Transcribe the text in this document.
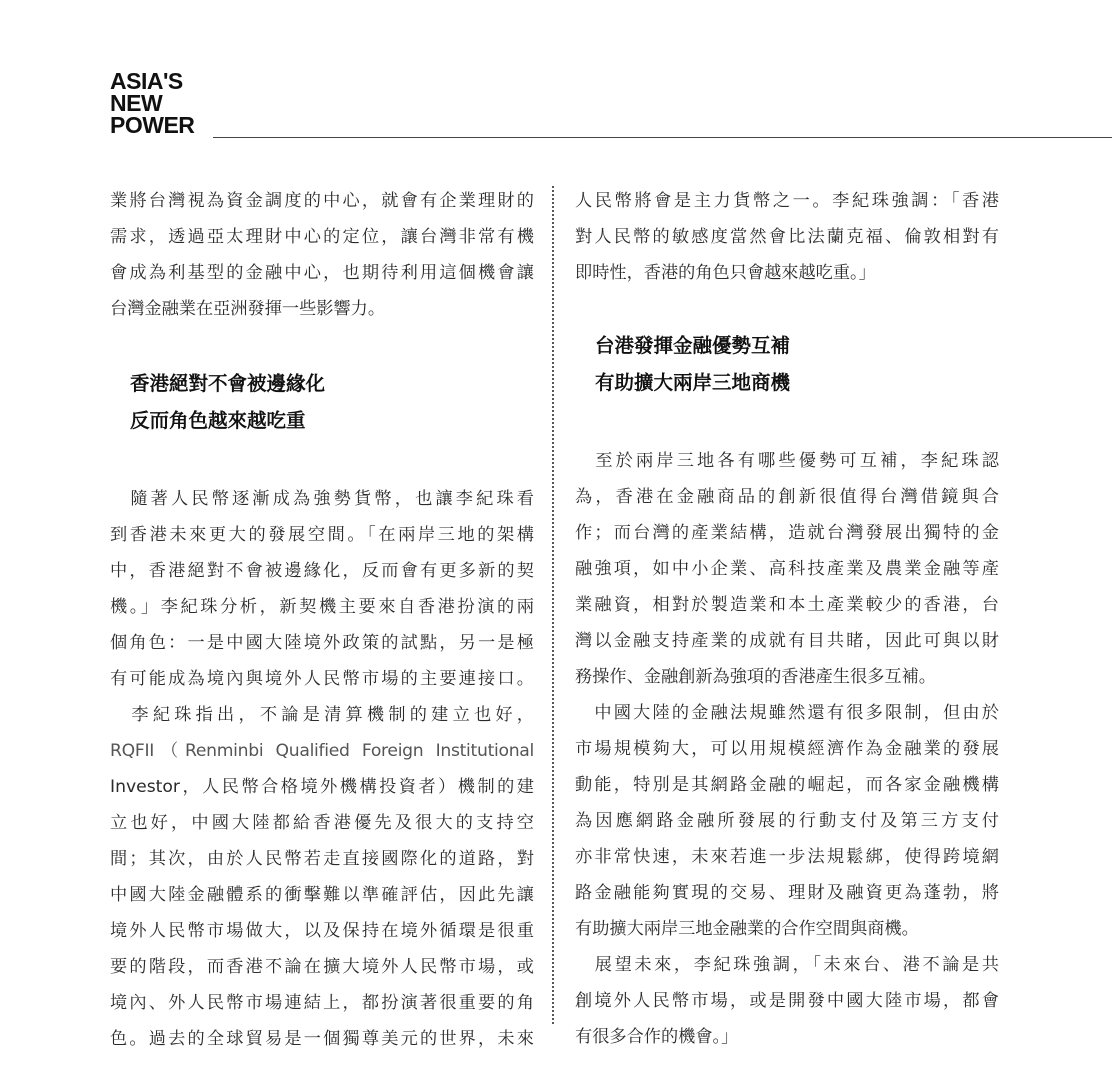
ASIA'S
NEW
POWER
業將台灣視為資金調度的中心，就會有企業理財的
需求，透過亞太理財中心的定位，讓台灣非常有機
會成為利基型的金融中心，也期待利用這個機會讓
台灣金融業在亞洲發揮一些影響力。
香港絕對不會被邊緣化
反而角色越來越吃重
　隨著人民幣逐漸成為強勢貨幣，也讓李紀珠看
到香港未來更大的發展空間。「在兩岸三地的架構
中，香港絕對不會被邊緣化，反而會有更多新的契
機。」李紀珠分析，新契機主要來自香港扮演的兩
個角色：一是中國大陸境外政策的試點，另一是極
有可能成為境內與境外人民幣市場的主要連接口。
　李紀珠指出，不論是清算機制的建立也好，
RQFII（Renminbi Qualified Foreign Institutional
Investor，人民幣合格境外機構投資者）機制的建
立也好，中國大陸都給香港優先及很大的支持空
間；其次，由於人民幣若走直接國際化的道路，對
中國大陸金融體系的衝擊難以準確評估，因此先讓
境外人民幣市場做大，以及保持在境外循環是很重
要的階段，而香港不論在擴大境外人民幣市場，或
境內、外人民幣市場連結上，都扮演著很重要的角
色。過去的全球貿易是一個獨尊美元的世界，未來
人民幣將會是主力貨幣之一。李紀珠強調：「香港
對人民幣的敏感度當然會比法蘭克福、倫敦相對有
即時性，香港的角色只會越來越吃重。」
台港發揮金融優勢互補
有助擴大兩岸三地商機
　至於兩岸三地各有哪些優勢可互補，李紀珠認
為，香港在金融商品的創新很值得台灣借鏡與合
作；而台灣的產業結構，造就台灣發展出獨特的金
融強項，如中小企業、高科技產業及農業金融等產
業融資，相對於製造業和本土產業較少的香港，台
灣以金融支持產業的成就有目共睹，因此可與以財
務操作、金融創新為強項的香港產生很多互補。
　中國大陸的金融法規雖然還有很多限制，但由於
市場規模夠大，可以用規模經濟作為金融業的發展
動能，特別是其網路金融的崛起，而各家金融機構
為因應網路金融所發展的行動支付及第三方支付
亦非常快速，未來若進一步法規鬆綁，使得跨境網
路金融能夠實現的交易、理財及融資更為蓬勃，將
有助擴大兩岸三地金融業的合作空間與商機。
　展望未來，李紀珠強調，「未來台、港不論是共
創境外人民幣市場，或是開發中國大陸市場，都會
有很多合作的機會。」
